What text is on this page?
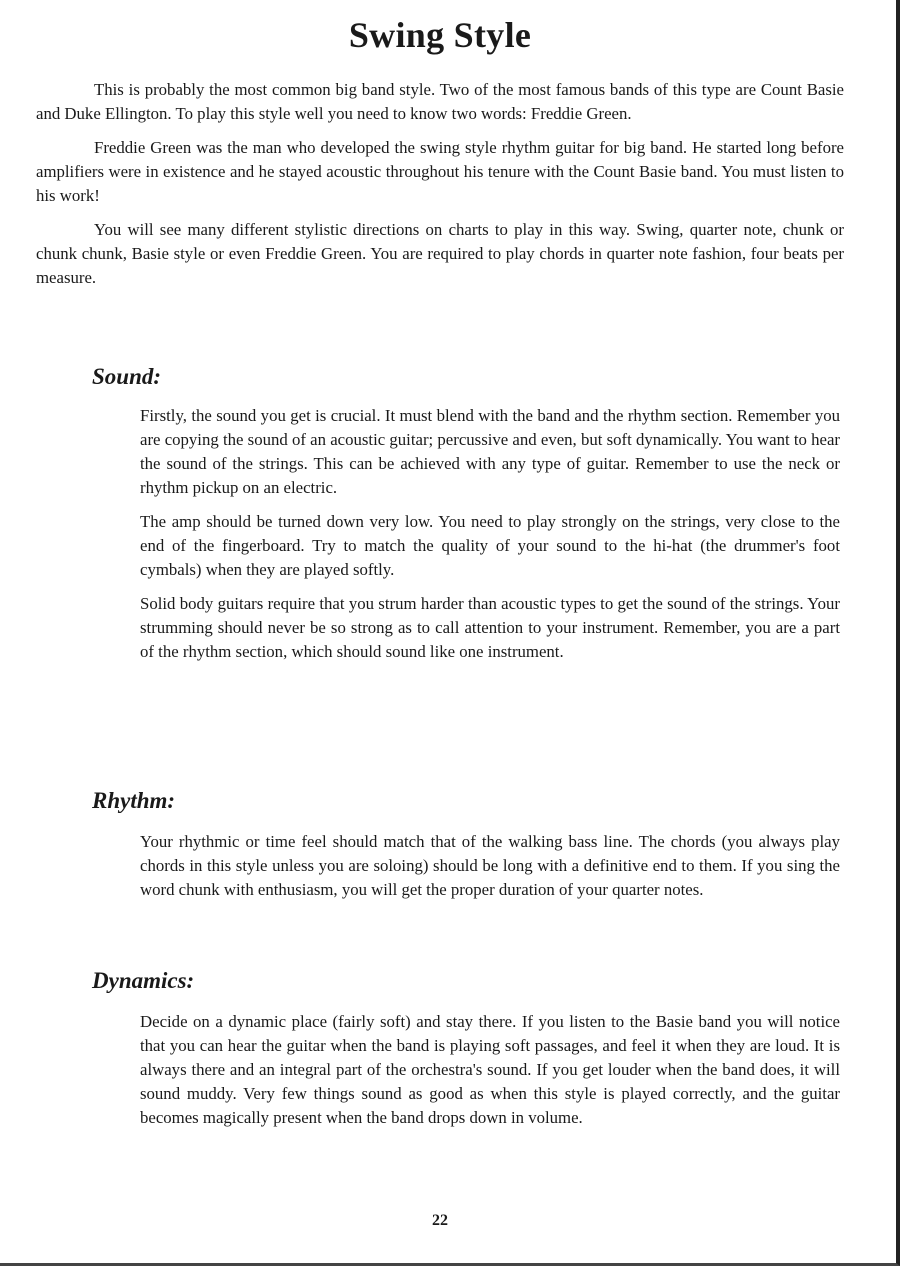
Swing Style

This is probably the most common big band style. Two of the most famous bands of this type are Count Basie and Duke Ellington. To play this style well you need to know two words: Freddie Green.

Freddie Green was the man who developed the swing style rhythm guitar for big band. He started long before amplifiers were in existence and he stayed acoustic throughout his tenure with the Count Basie band. You must listen to his work!

You will see many different stylistic directions on charts to play in this way. Swing, quarter note, chunk or chunk chunk, Basie style or even Freddie Green. You are required to play chords in quarter note fashion, four beats per measure.

Sound:

Firstly, the sound you get is crucial. It must blend with the band and the rhythm section. Remember you are copying the sound of an acoustic guitar; percussive and even, but soft dynamically. You want to hear the sound of the strings. This can be achieved with any type of guitar. Remember to use the neck or rhythm pickup on an electric.

The amp should be turned down very low. You need to play strongly on the strings, very close to the end of the fingerboard. Try to match the quality of your sound to the hi-hat (the drummer's foot cymbals) when they are played softly.

Solid body guitars require that you strum harder than acoustic types to get the sound of the strings. Your strumming should never be so strong as to call attention to your instrument. Remember, you are a part of the rhythm section, which should sound like one instrument.

Rhythm:

Your rhythmic or time feel should match that of the walking bass line. The chords (you always play chords in this style unless you are soloing) should be long with a definitive end to them. If you sing the word chunk with enthusiasm, you will get the proper duration of your quarter notes.

Dynamics:

Decide on a dynamic place (fairly soft) and stay there. If you listen to the Basie band you will notice that you can hear the guitar when the band is playing soft passages, and feel it when they are loud. It is always there and an integral part of the orchestra's sound. If you get louder when the band does, it will sound muddy. Very few things sound as good as when this style is played correctly, and the guitar becomes magically present when the band drops down in volume.

22
